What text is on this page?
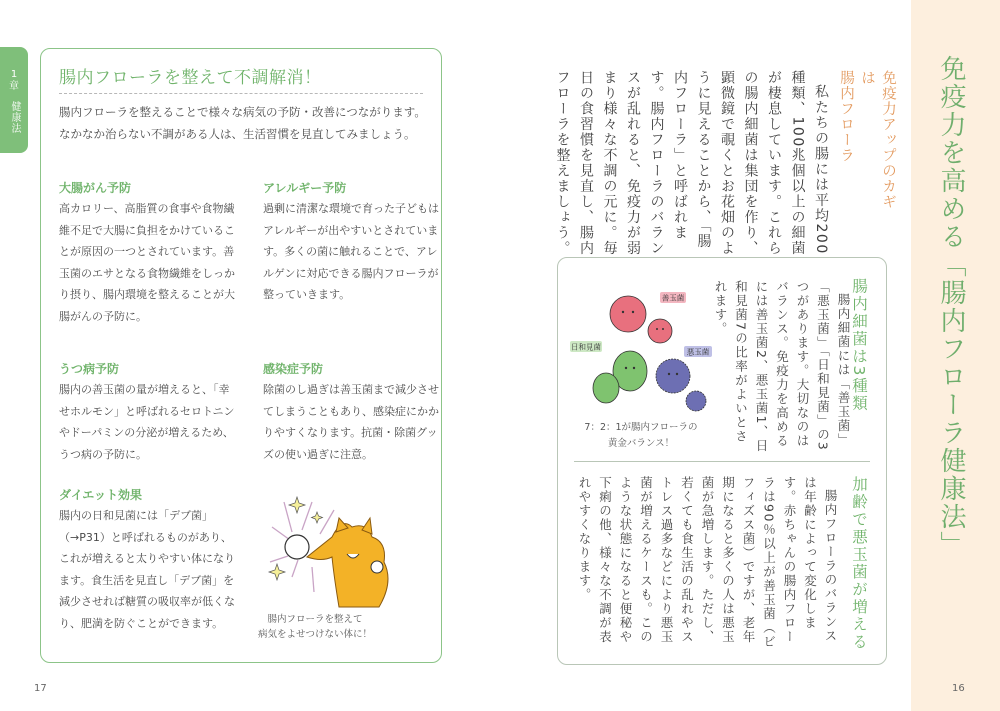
1
章
健康法
腸内フローラを整えて不調解消！
腸内フローラを整えることで様々な病気の予防・改善につながります。
なかなか治らない不調がある人は、生活習慣を見直してみましょう。
大腸がん予防
高カロリー、高脂質の食事や食物繊維不足で大腸に負担をかけていることが原因の一つとされています。善玉菌のエサとなる食物繊維をしっかり摂り、腸内環境を整えることが大腸がんの予防に。
アレルギー予防
過剰に清潔な環境で育った子どもはアレルギーが出やすいとされています。多くの菌に触れることで、アレルゲンに対応できる腸内フローラが整っていきます。
うつ病予防
腸内の善玉菌の量が増えると、「幸せホルモン」と呼ばれるセロトニンやドーパミンの分泌が増えるため、うつ病の予防に。
感染症予防
除菌のし過ぎは善玉菌まで減少させてしまうこともあり、感染症にかかりやすくなります。抗菌・除菌グッズの使い過ぎに注意。
ダイエット効果
腸内の日和見菌には「デブ菌」（→P31）と呼ばれるものがあり、これが増えると太りやすい体になります。食生活を見直し「デブ菌」を減少させれば糖質の吸収率が低くなり、肥満を防ぐことができます。	腸内フローラを整えて
病気をよせつけない体に！
17
免疫力を高める「腸内フローラ健康法」
免疫力アップのカギは
腸内フローラ

私たちの腸には平均200種類、100兆個以上の細菌が棲息しています。これらの腸内細菌は集団を作り、顕微鏡で覗くとお花畑のように見えることから、「腸内フローラ」と呼ばれます。腸内フローラのバランスが乱れると、免疫力が弱まり様々な不調の元に。毎日の食習慣を見直し、腸内フローラを整えましょう。

腸内細菌は3種類
腸内細菌には「善玉菌」「悪玉菌」「日和見菌」の3つがあります。大切なのはバランス。免疫力を高めるには善玉菌2、悪玉菌1、日和見菌7の比率がよいとされます。
善玉菌
日和見菌
悪玉菌
7：2：1が腸内フローラの
黄金バランス！
加齢で悪玉菌が増える
腸内フローラのバランスは年齢によって変化します。赤ちゃんの腸内フローラは90％以上が善玉菌（ビフィズス菌）ですが、老年期になると多くの人は悪玉菌が急増します。ただし、若くても食生活の乱れやストレス過多などにより悪玉菌が増えるケースも。このような状態になると便秘や下痢の他、様々な不調が表れやすくなります。
16
